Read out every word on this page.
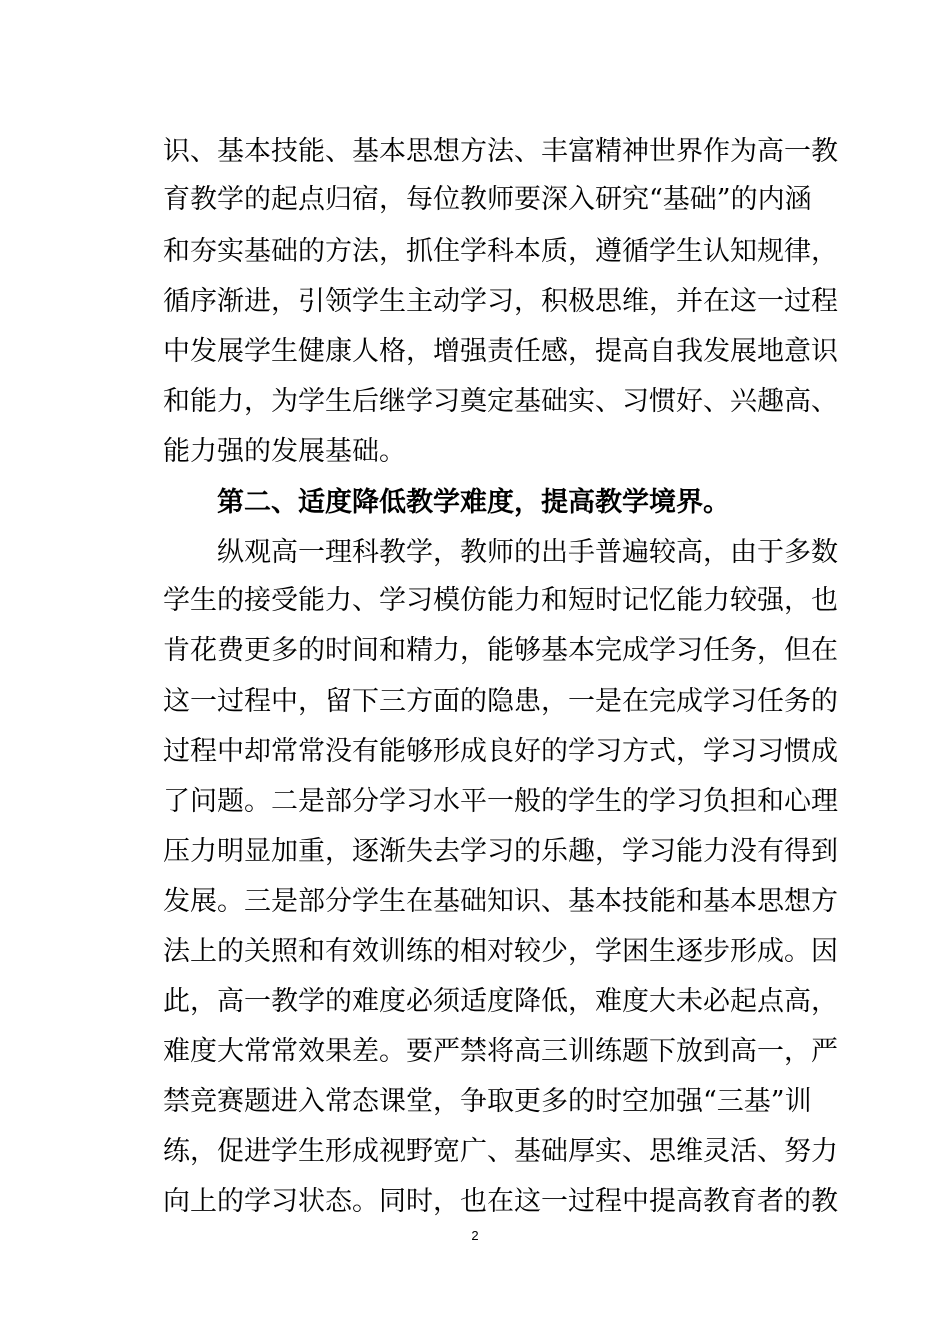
识、基本技能、基本思想方法、丰富精神世界作为高一教
育教学的起点归宿，每位教师要深入研究“基础”的内涵
和夯实基础的方法，抓住学科本质，遵循学生认知规律，
循序渐进，引领学生主动学习，积极思维，并在这一过程
中发展学生健康人格，增强责任感，提高自我发展地意识
和能力，为学生后继学习奠定基础实、习惯好、兴趣高、
能力强的发展基础。
第二、适度降低教学难度，提高教学境界。
纵观高一理科教学，教师的出手普遍较高，由于多数
学生的接受能力、学习模仿能力和短时记忆能力较强，也
肯花费更多的时间和精力，能够基本完成学习任务，但在
这一过程中，留下三方面的隐患，一是在完成学习任务的
过程中却常常没有能够形成良好的学习方式，学习习惯成
了问题。二是部分学习水平一般的学生的学习负担和心理
压力明显加重，逐渐失去学习的乐趣，学习能力没有得到
发展。三是部分学生在基础知识、基本技能和基本思想方
法上的关照和有效训练的相对较少，学困生逐步形成。因
此，高一教学的难度必须适度降低，难度大未必起点高，
难度大常常效果差。要严禁将高三训练题下放到高一，严
禁竞赛题进入常态课堂，争取更多的时空加强“三基”训
练，促进学生形成视野宽广、基础厚实、思维灵活、努力
向上的学习状态。同时，也在这一过程中提高教育者的教
2
